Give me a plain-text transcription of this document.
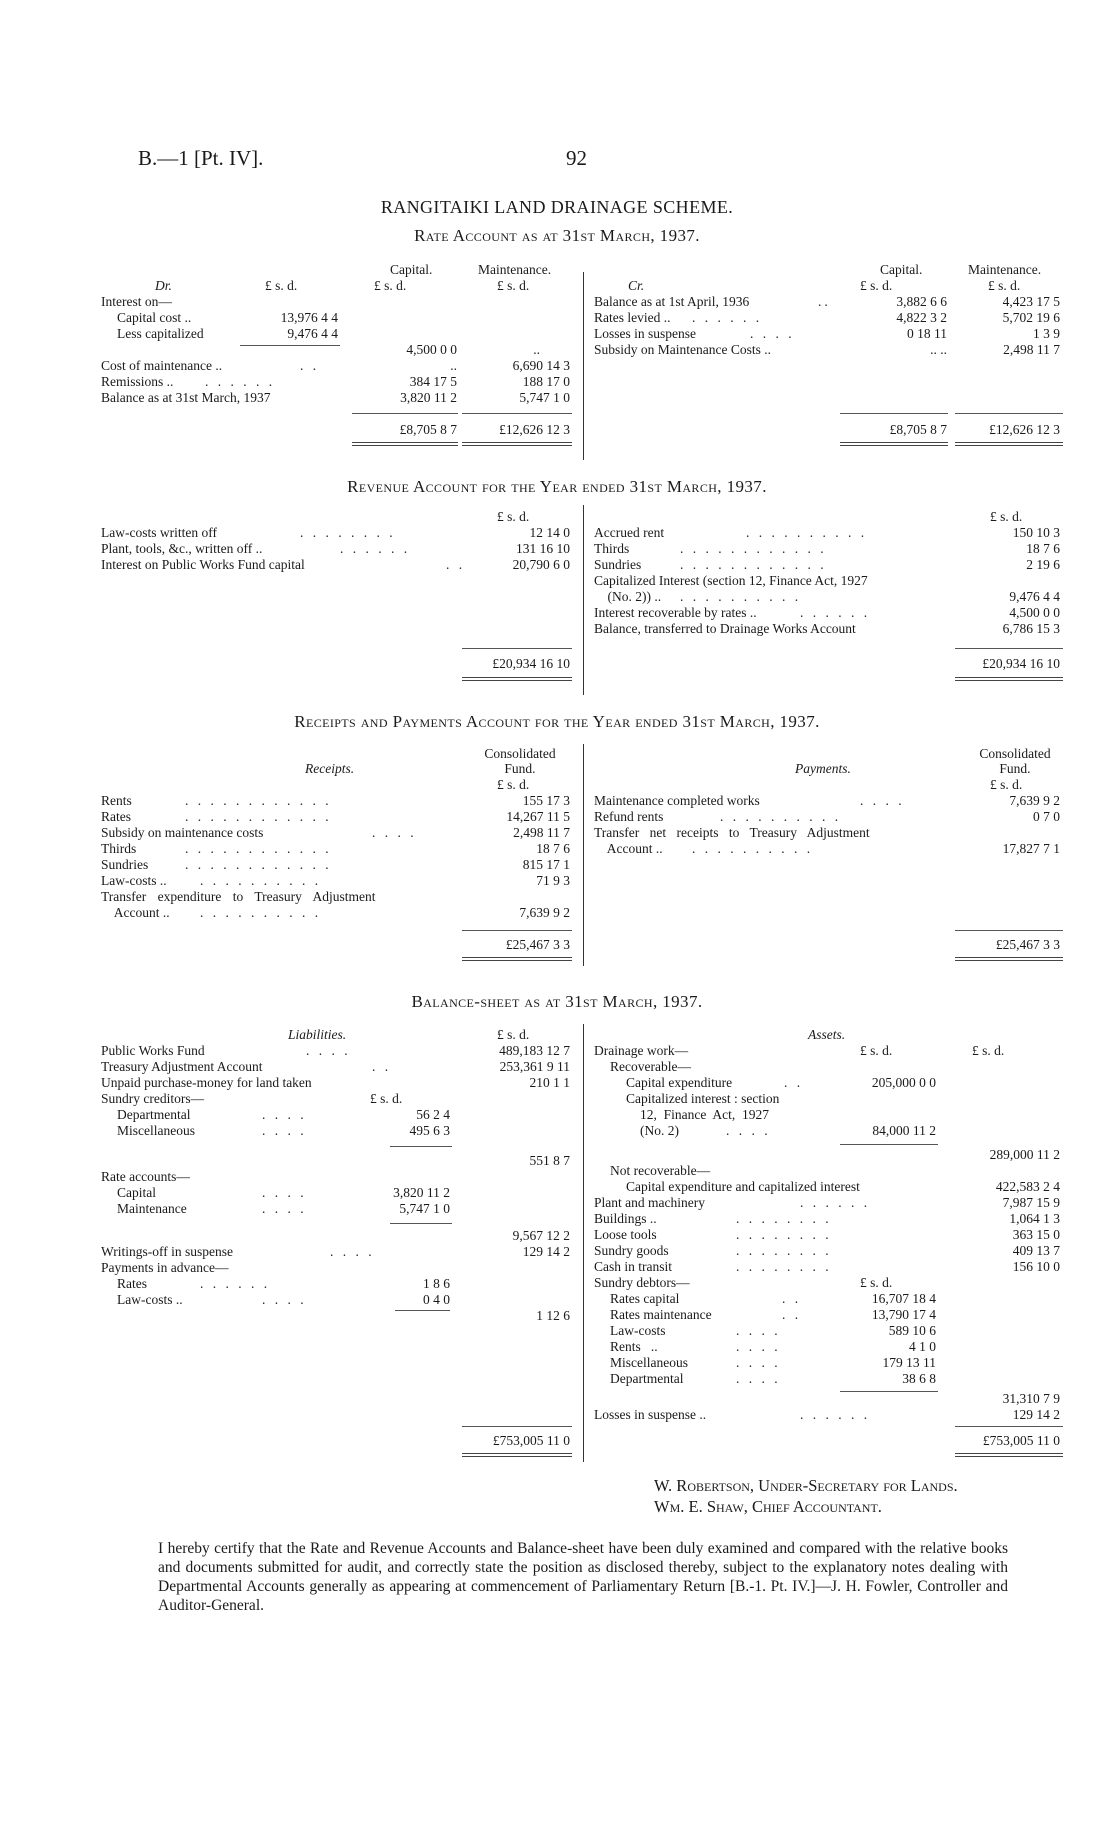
B.—1 [Pt. IV].	92
RANGITAIKI LAND DRAINAGE SCHEME.
Rate Account as at 31st March, 1937.
Capital.	Maintenance.
Dr.	£ s. d.	£ s. d.	£ s. d.
Interest on—
Capital cost ..	13,976 4 4
Less capitalized	9,476 4 4
4,500 0 0	..
Cost of maintenance ..	. .	..	6,690 14 3
Remissions .. . . . . . .	384 17 5	188 17 0
Balance as at 31st March, 1937	3,820 11 2	5,747 1 0
£8,705 8 7	£12,626 12 3
Capital.	Maintenance.
Cr.	£ s. d.	£ s. d.
Balance as at 1st April, 1936	..	3,882 6 6	4,423 17 5
Rates levied .. . . . . . .	4,822 3 2	5,702 19 6
Losses in suspense	. . . .	0 18 11	1 3 9
Subsidy on Maintenance Costs ..	.. ..	2,498 11 7
£8,705 8 7	£12,626 12 3
Revenue Account for the Year ended 31st March, 1937.
£ s. d.	£ s. d.
Law-costs written off	. . . . . . . .	12 14 0
Plant, tools, &c., written off ..	. . . . . .	131 16 10
Interest on Public Works Fund capital	. .	20,790 6 0
£20,934 16 10
Accrued rent	. . . . . . . . . .	150 10 3
Thirds	. . . . . . . . . . . .	18 7 6
Sundries	. . . . . . . . . . . .	2 19 6
Capitalized Interest (section 12, Finance Act, 1927
(No. 2)) .. . . . . . . . . . .	9,476 4 4
Interest recoverable by rates ..	. . . . . .	4,500 0 0
Balance, transferred to Drainage Works Account	6,786 15 3
£20,934 16 10
Receipts and Payments Account for the Year ended 31st March, 1937.
Consolidated
Fund.
Receipts.
£ s. d.
Consolidated
Fund.
Payments.
£ s. d.
Rents	. . . . . . . . . . . .	155 17 3
Rates	. . . . . . . . . . . .	14,267 11 5
Subsidy on maintenance costs	. . . .	2,498 11 7
Thirds	. . . . . . . . . . . .	18 7 6
Sundries	. . . . . . . . . . . .	815 17 1
Law-costs .. . . . . . . . . . .	71 9 3
Transfer expenditure to Treasury Adjustment
Account .. . . . . . . . . . .	7,639 9 2
£25,467 3 3
Maintenance completed works	. . . .	7,639 9 2
Refund rents	. . . . . . . . . .	0 7 0
Transfer net receipts to Treasury Adjustment
Account .. . . . . . . . . . .	17,827 7 1
£25,467 3 3
Balance-sheet as at 31st March, 1937.
Liabilities.	£ s. d.
Public Works Fund	. . . .	489,183 12 7
Treasury Adjustment Account	. .	253,361 9 11
Unpaid purchase-money for land taken	210 1 1
Sundry creditors—	£ s. d.
Departmental	. . . .	56 2 4
Miscellaneous	. . . .	495 6 3
551 8 7
Rate accounts—
Capital	. . . .	3,820 11 2
Maintenance	. . . .	5,747 1 0
9,567 12 2
Writings-off in suspense	. . . .	129 14 2
Payments in advance—
Rates	. . . . . .	1 8 6
Law-costs ..	. . . .	0 4 0
1 12 6
£753,005 11 0
Assets.
£ s. d.	£ s. d.
Drainage work—
Recoverable—
Capital expenditure	. .	205,000 0 0
Capitalized interest : section
12,  Finance  Act,  1927
(No. 2)	. . . .	84,000 11 2
289,000 11 2
Not recoverable—
Capital expenditure and capitalized interest	422,583 2 4
Plant and machinery	. . . . . .	7,987 15 9
Buildings ..	. . . . . . . .	1,064 1 3
Loose tools	. . . . . . . .	363 15 0
Sundry goods	. . . . . . . .	409 13 7
Cash in transit	. . . . . . . .	156 10 0
Sundry debtors—	£ s. d.
Rates capital	. .	16,707 18 4
Rates maintenance	. .	13,790 17 4
Law-costs	. . . .	589 10 6
Rents   ..	. . . .	4 1 0
Miscellaneous	. . . .	179 13 11
Departmental	. . . .	38 6 8
31,310 7 9
Losses in suspense ..	. . . . . .	129 14 2
£753,005 11 0
W. Robertson, Under-Secretary for Lands.
Wm. E. Shaw, Chief Accountant.
I hereby certify that the Rate and Revenue Accounts and Balance-sheet have been duly examined and compared with the relative books and documents submitted for audit, and correctly state the position as disclosed thereby, subject to the explanatory notes dealing with Departmental Accounts generally as appearing at commencement of Parliamentary Return [B.-1. Pt. IV.]—J. H. Fowler, Controller and Auditor-General.
